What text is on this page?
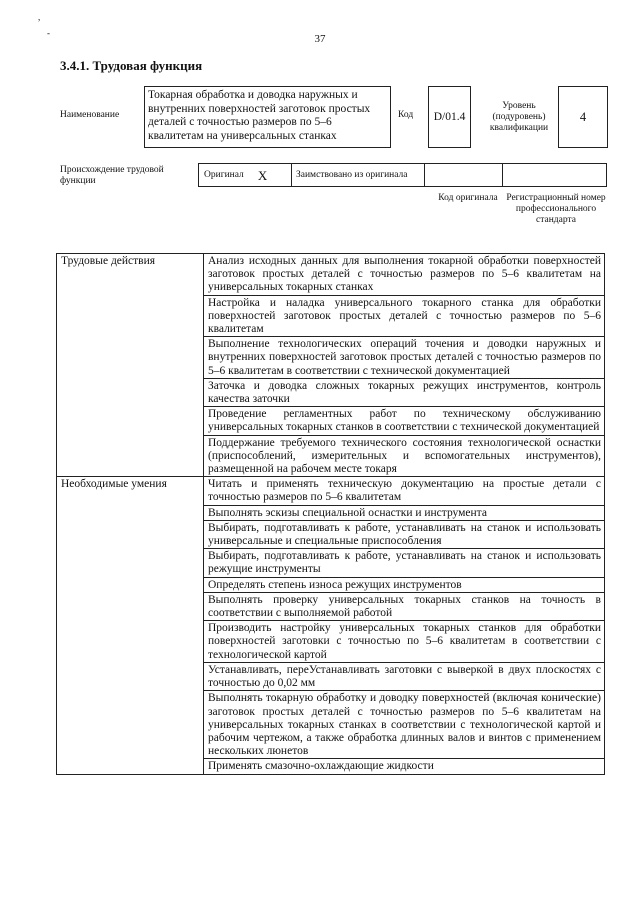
,
-	37
3.4.1. Трудовая функция
Наименование
Токарная обработка и доводка наружных и внутренних поверхностей заготовок простых деталей с точностью размеров по 5–6 квалитетам на универсальных станках
Код	D/01.4
Уровень (подуровень) квалификации
4
Происхождение трудовой функции
Оригинал X	Заимствовано из оригинала
Код оригинала Регистрационный номер профессионального стандарта
Трудовые действия	Анализ исходных данных для выполнения токарной обработки поверхностей заготовок простых деталей с точностью размеров по 5–6 квалитетам на универсальных токарных станках
	Настройка и наладка универсального токарного станка для обработки поверхностей заготовок простых деталей с точностью размеров по 5–6 квалитетам
	Выполнение технологических операций точения и доводки наружных и внутренних поверхностей заготовок простых деталей с точностью размеров по 5–6 квалитетам в соответствии с технической документацией
	Заточка и доводка сложных токарных режущих инструментов, контроль качества заточки
	Проведение регламентных работ по техническому обслуживанию универсальных токарных станков в соответствии с технической документацией
	Поддержание требуемого технического состояния технологической оснастки (приспособлений, измерительных и вспомогательных инструментов), размещенной на рабочем месте токаря
Необходимые умения	Читать и применять техническую документацию на простые детали с точностью размеров по 5–6 квалитетам
	Выполнять эскизы специальной оснастки и инструмента
	Выбирать, подготавливать к работе, устанавливать на станок и использовать универсальные и специальные приспособления
	Выбирать, подготавливать к работе, устанавливать на станок и использовать режущие инструменты
	Определять степень износа режущих инструментов
	Выполнять проверку универсальных токарных станков на точность в соответствии с выполняемой работой
	Производить настройку универсальных токарных станков для обработки поверхностей заготовки с точностью по 5–6 квалитетам в соответствии с технологической картой
	Устанавливать, переУстанавливать заготовки с выверкой в двух плоскостях с точностью до 0,02 мм
	Выполнять токарную обработку и доводку поверхностей (включая конические) заготовок простых деталей с точностью размеров по 5–6 квалитетам на универсальных токарных станках в соответствии с технологической картой и рабочим чертежом, а также обработка длинных валов и винтов с применением нескольких люнетов
	Применять смазочно-охлаждающие жидкости
